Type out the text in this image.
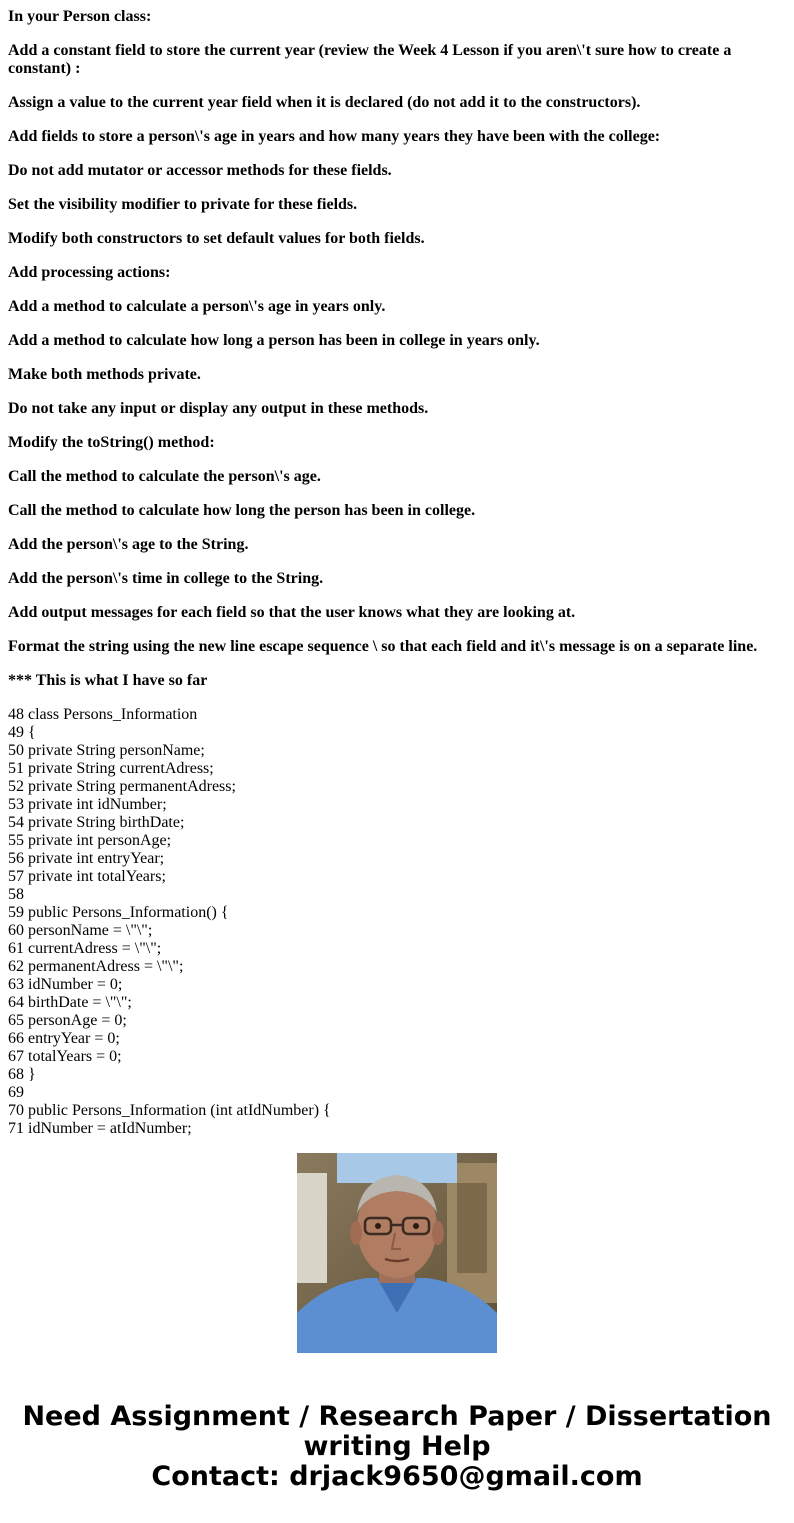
In your Person class:

Add a constant field to store the current year (review the Week 4 Lesson if you aren\'t sure how to create a constant) :

Assign a value to the current year field when it is declared (do not add it to the constructors).

Add fields to store a person\'s age in years and how many years they have been with the college:

Do not add mutator or accessor methods for these fields.

Set the visibility modifier to private for these fields.

Modify both constructors to set default values for both fields.

Add processing actions:

Add a method to calculate a person\'s age in years only.

Add a method to calculate how long a person has been in college in years only.

Make both methods private.

Do not take any input or display any output in these methods.

Modify the toString() method:

Call the method to calculate the person\'s age.

Call the method to calculate how long the person has been in college.

Add the person\'s age to the String.

Add the person\'s time in college to the String.

Add output messages for each field so that the user knows what they are looking at.

Format the string using the new line escape sequence \ so that each field and it\'s message is on a separate line.

*** This is what I have so far

48 class Persons_Information
49 {
50 private String personName;
51 private String currentAdress;
52 private String permanentAdress;
53 private int idNumber;
54 private String birthDate;
55 private int personAge;
56 private int entryYear;
57 private int totalYears;
58
59 public Persons_Information() {
60 personName = \"\";
61 currentAdress = \"\";
62 permanentAdress = \"\";
63 idNumber = 0;
64 birthDate = \"\";
65 personAge = 0;
66 entryYear = 0;
67 totalYears = 0;
68 }
69
70 public Persons_Information (int atIdNumber) {
71 idNumber = atIdNumber;
Need Assignment / Research Paper / Dissertation
writing Help
Contact: drjack9650@gmail.com
